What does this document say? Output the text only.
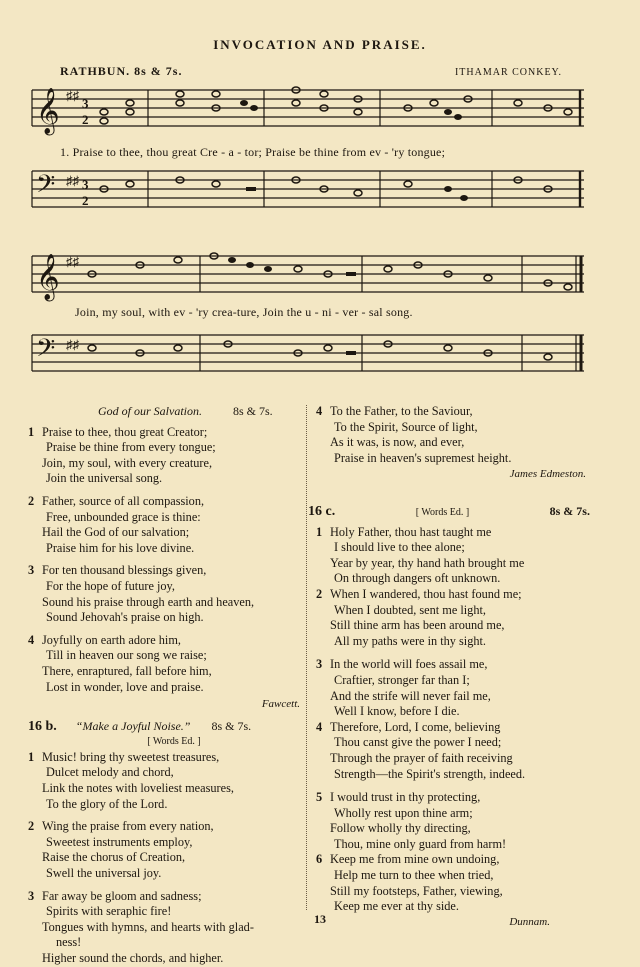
INVOCATION AND PRAISE.
RATHBUN. 8s & 7s.	ITHAMAR CONKEY.
𝄞 ♯♯
3
2
1. Praise to thee, thou great Cre - a - tor; Praise be thine from ev - 'ry tongue;
𝄢 ♯♯ 3
2
𝄞 ♯♯
Join, my soul, with ev - 'ry crea-ture, Join the u - ni - ver - sal song.
𝄢 ♯♯
God of our Salvation.	8s & 7s.
1 Praise to thee, thou great Creator;
Praise be thine from every tongue;
Join, my soul, with every creature,
Join the universal song.
2 Father, source of all compassion,
Free, unbounded grace is thine:
Hail the God of our salvation;
Praise him for his love divine.
3 For ten thousand blessings given,
For the hope of future joy,
Sound his praise through earth and heaven,
Sound Jehovah's praise on high.
4 Joyfully on earth adore him,
Till in heaven our song we raise;
There, enraptured, fall before him,
Lost in wonder, love and praise.
Fawcett.
16 b. “Make a Joyful Noise.” 8s & 7s.
[ Words Ed. ]
1 Music! bring thy sweetest treasures,
Dulcet melody and chord,
Link the notes with loveliest measures,
To the glory of the Lord.
2 Wing the praise from every nation,
Sweetest instruments employ,
Raise the chorus of Creation,
Swell the universal joy.
3 Far away be gloom and sadness;
Spirits with seraphic fire!
Tongues with hymns, and hearts with glad-
ness!
Higher sound the chords, and higher.
4 To the Father, to the Saviour,
To the Spirit, Source of light,
As it was, is now, and ever,
Praise in heaven's supremest height.
James Edmeston.
16 c.	[ Words Ed. ]	8s & 7s.
1 Holy Father, thou hast taught me
I should live to thee alone;
Year by year, thy hand hath brought me
On through dangers oft unknown.
2 When I wandered, thou hast found me;
When I doubted, sent me light,
Still thine arm has been around me,
All my paths were in thy sight.
3 In the world will foes assail me,
Craftier, stronger far than I;
And the strife will never fail me,
Well I know, before I die.
4 Therefore, Lord, I come, believing
Thou canst give the power I need;
Through the prayer of faith receiving
Strength—the Spirit's strength, indeed.
5 I would trust in thy protecting,
Wholly rest upon thine arm;
Follow wholly thy directing,
Thou, mine only guard from harm!
6 Keep me from mine own undoing,
Help me turn to thee when tried,
Still my footsteps, Father, viewing,
Keep me ever at thy side.
Dunnam.
13
